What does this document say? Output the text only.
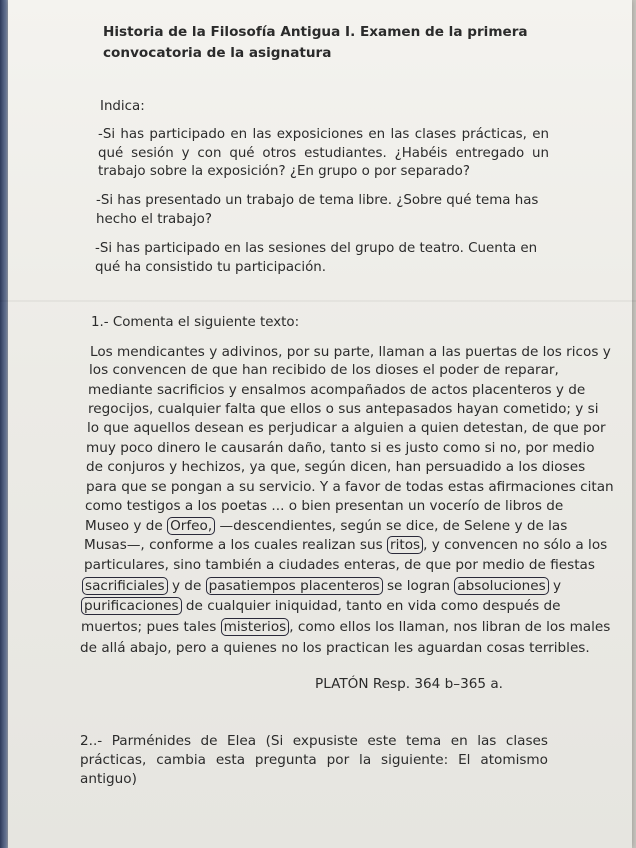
Historia de la Filosofía Antigua I. Examen de la primera convocatoria de la asignatura

Indica:

-Si has participado en las exposiciones en las clases prácticas, en qué sesión y con qué otros estudiantes. ¿Habéis entregado un trabajo sobre la exposición? ¿En grupo o por separado?

-Si has presentado un trabajo de tema libre. ¿Sobre qué tema has hecho el trabajo?

-Si has participado en las sesiones del grupo de teatro. Cuenta en qué ha consistido tu participación.

1.- Comenta el siguiente texto:

Los mendicantes y adivinos, por su parte, llaman a las puertas de los ricos y
los convencen de que han recibido de los dioses el poder de reparar,
mediante sacrificios y ensalmos acompañados de actos placenteros y de
regocijos, cualquier falta que ellos o sus antepasados hayan cometido; y si
lo que aquellos desean es perjudicar a alguien a quien detestan, de que por
muy poco dinero le causarán daño, tanto si es justo como si no, por medio
de conjuros y hechizos, ya que, según dicen, han persuadido a los dioses
para que se pongan a su servicio. Y a favor de todas estas afirmaciones citan
como testigos a los poetas ... o bien presentan un vocerío de libros de
Museo y de Orfeo, —descendientes, según se dice, de Selene y de las
Musas—, conforme a los cuales realizan sus ritos , y convencen no sólo a los
particulares, sino también a ciudades enteras, de que por medio de fiestas
sacrificiales y de pasatiempos placenteros se logran absoluciones y
purificaciones de cualquier iniquidad, tanto en vida como después de
muertos; pues tales misterios , como ellos los llaman, nos libran de los males
de allá abajo, pero a quienes no los practican les aguardan cosas terribles.
PLATÓN Resp. 364 b–365 a.

2..- Parménides de Elea (Si expusiste este tema en las clases prácticas, cambia esta pregunta por la siguiente: El atomismo antiguo)
